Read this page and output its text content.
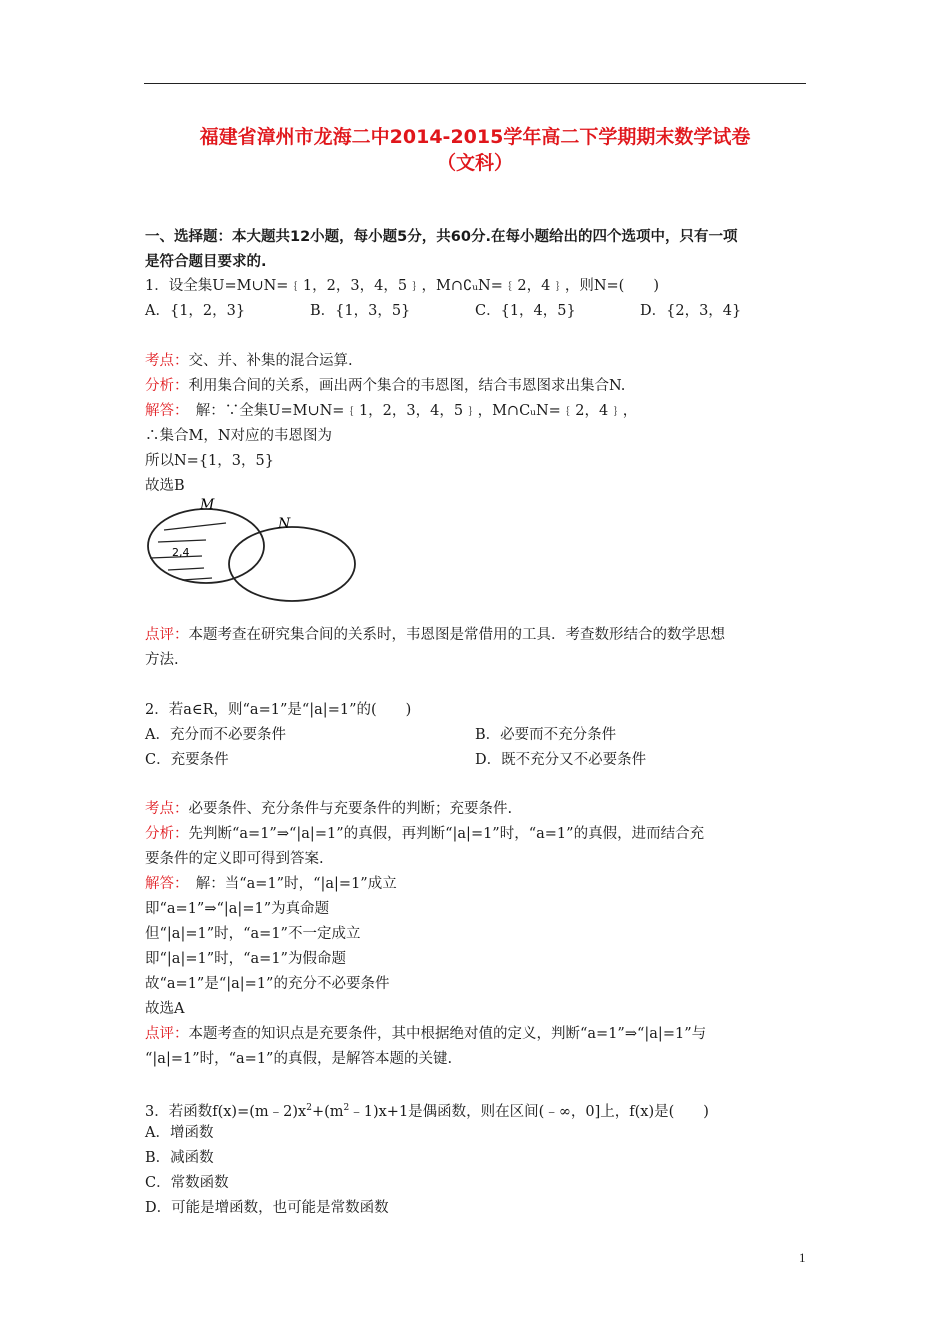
福建省漳州市龙海二中2014-2015学年高二下学期期末数学试卷
（文科）
一、选择题：本大题共12小题，每小题5分，共60分.在每小题给出的四个选项中，只有一项
是符合题目要求的.
1．设全集U=M∪N=﹛1，2，3，4，5﹜，M∩∁ᵤN=﹛2，4﹜，则N=(　　)
A．{1，2，3}	B．{1，3，5}	C．{1，4，5}	D．{2，3，4}
考点：交、并、补集的混合运算.
分析：利用集合间的关系，画出两个集合的韦恩图，结合韦恩图求出集合N.
解答：　解：∵全集U=M∪N=﹛1，2，3，4，5﹜，M∩CᵤN=﹛2，4﹜，
∴集合M，N对应的韦恩图为
所以N={1，3，5}
故选B
M
N
2,4
点评：本题考查在研究集合间的关系时，韦恩图是常借用的工具．考查数形结合的数学思想
方法.
2．若a∈R，则“a=1”是“|a|=1”的(　　)
A．充分而不必要条件	B．必要而不充分条件
C．充要条件	D．既不充分又不必要条件
考点：必要条件、充分条件与充要条件的判断；充要条件.
分析：先判断“a=1”⇒“|a|=1”的真假，再判断“|a|=1”时，“a=1”的真假，进而结合充
要条件的定义即可得到答案.
解答：　解：当“a=1”时，“|a|=1”成立
即“a=1”⇒“|a|=1”为真命题
但“|a|=1”时，“a=1”不一定成立
即“|a|=1”时，“a=1”为假命题
故“a=1”是“|a|=1”的充分不必要条件
故选A
点评：本题考查的知识点是充要条件，其中根据绝对值的定义，判断“a=1”⇒“|a|=1”与
“|a|=1”时，“a=1”的真假，是解答本题的关键.
3．若函数$f(x)=(m﹣2)x^2+(m^2﹣1)x+1$是偶函数，则在区间(﹣∞，0]上，f(x)是(　　)
A．增函数
B．减函数
C．常数函数
D．可能是增函数，也可能是常数函数
1
